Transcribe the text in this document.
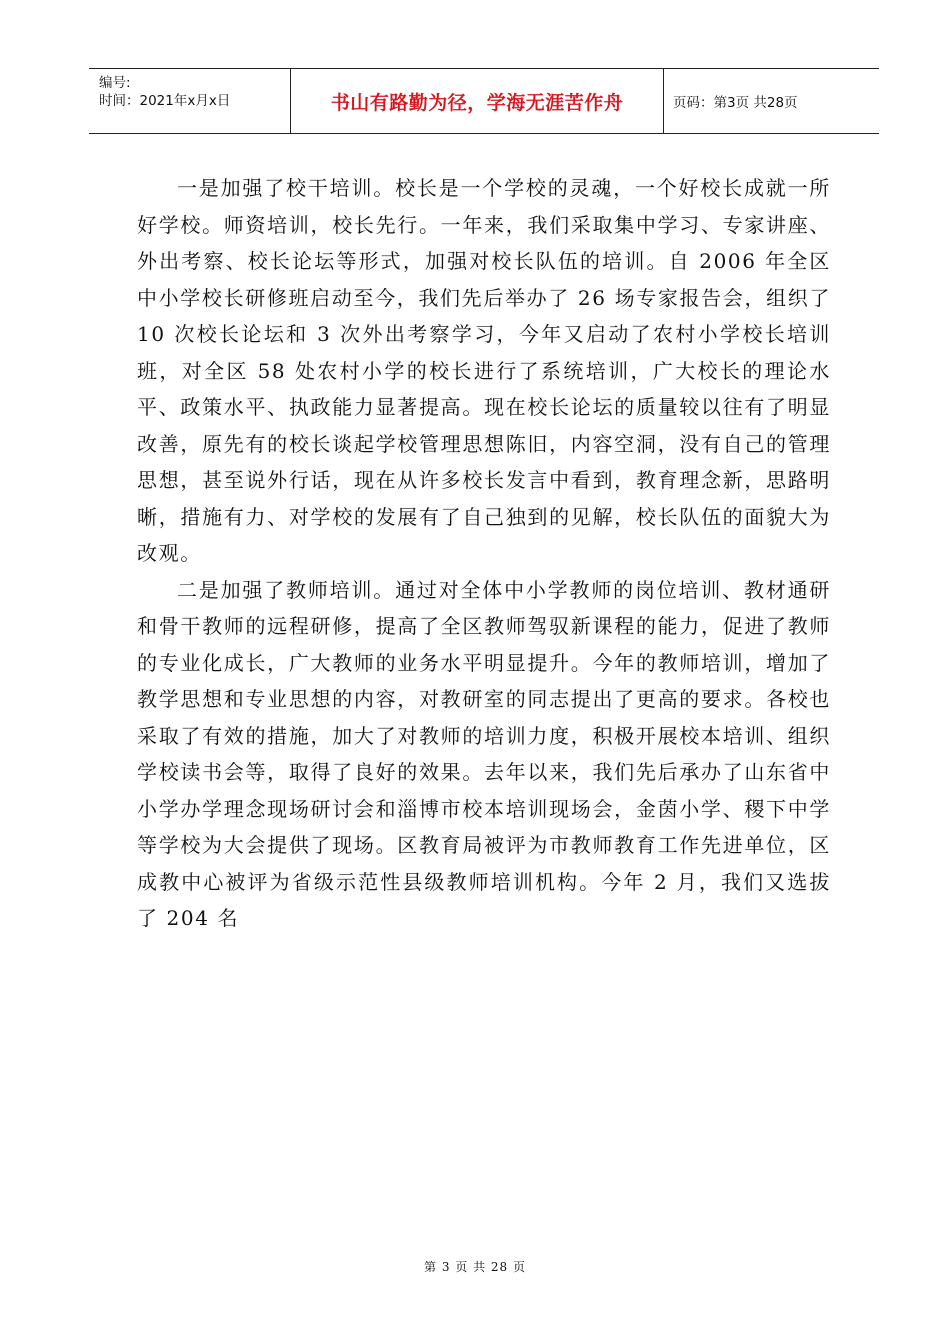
编号:
时间：2021年x月x日	书山有路勤为径，学海无涯苦作舟	页码：第3页 共28页

一是加强了校干培训。校长是一个学校的灵魂，一个好校长成就一所好学校。师资培训，校长先行。一年来，我们采取集中学习、专家讲座、外出考察、校长论坛等形式，加强对校长队伍的培训。自 2006 年全区中小学校长研修班启动至今，我们先后举办了 26 场专家报告会，组织了 10 次校长论坛和 3 次外出考察学习，今年又启动了农村小学校长培训班，对全区 58 处农村小学的校长进行了系统培训，广大校长的理论水平、政策水平、执政能力显著提高。现在校长论坛的质量较以往有了明显改善，原先有的校长谈起学校管理思想陈旧，内容空洞，没有自己的管理思想，甚至说外行话，现在从许多校长发言中看到，教育理念新，思路明晰，措施有力、对学校的发展有了自己独到的见解，校长队伍的面貌大为改观。

二是加强了教师培训。通过对全体中小学教师的岗位培训、教材通研和骨干教师的远程研修，提高了全区教师驾驭新课程的能力，促进了教师的专业化成长，广大教师的业务水平明显提升。今年的教师培训，增加了教学思想和专业思想的内容，对教研室的同志提出了更高的要求。各校也采取了有效的措施，加大了对教师的培训力度，积极开展校本培训、组织学校读书会等，取得了良好的效果。去年以来，我们先后承办了山东省中小学办学理念现场研讨会和淄博市校本培训现场会，金茵小学、稷下中学等学校为大会提供了现场。区教育局被评为市教师教育工作先进单位，区成教中心被评为省级示范性县级教师培训机构。今年 2 月，我们又选拔了 204 名

第 3 页 共 28 页
